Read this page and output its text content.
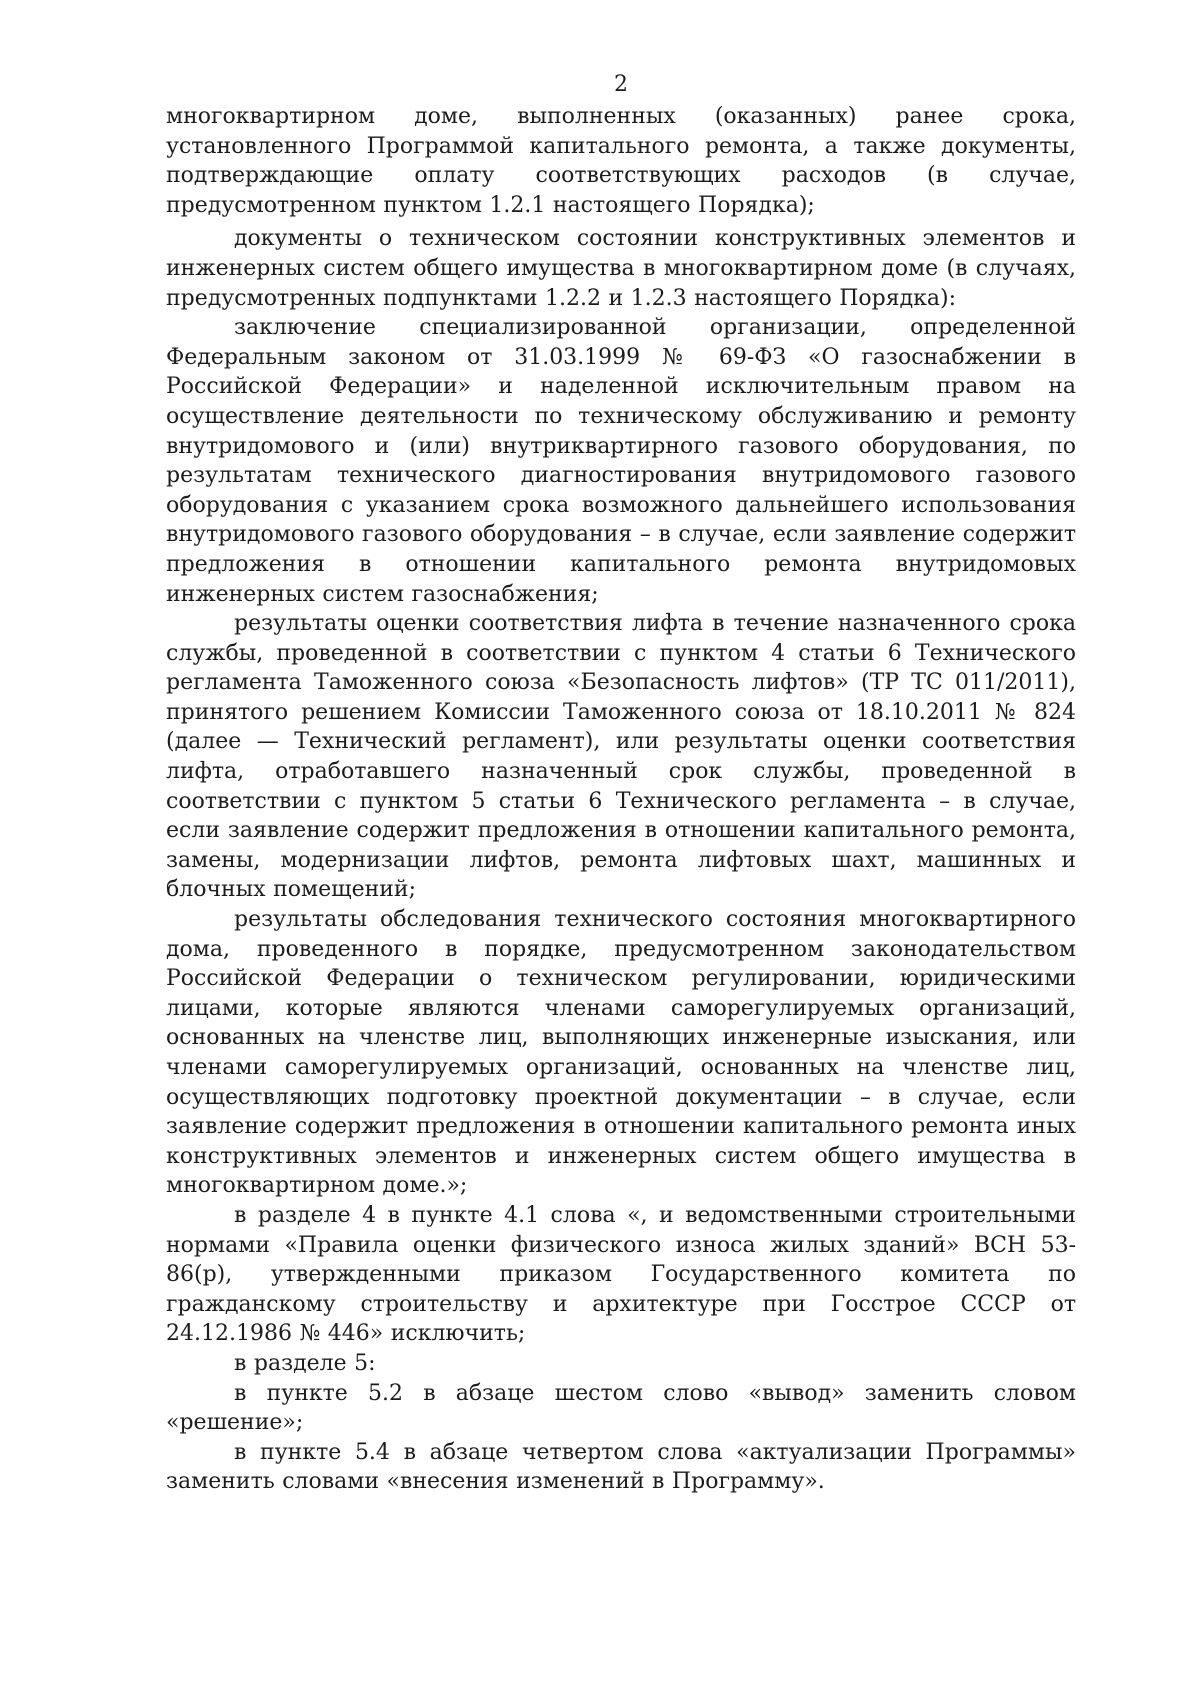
2

многоквартирном доме, выполненных (оказанных) ранее срока, установленного Программой капитального ремонта, а также документы, подтверждающие оплату соответствующих расходов (в случае, предусмотренном пунктом 1.2.1 настоящего Порядка);

документы о техническом состоянии конструктивных элементов и инженерных систем общего имущества в многоквартирном доме (в случаях, предусмотренных подпунктами 1.2.2 и 1.2.3 настоящего Порядка):

заключение специализированной организации, определенной Федеральным законом от 31.03.1999 № 69-ФЗ «О газоснабжении в Российской Федерации» и наделенной исключительным правом на осуществление деятельности по техническому обслуживанию и ремонту внутридомового и (или) внутриквартирного газового оборудования, по результатам технического диагностирования внутридомового газового оборудования с указанием срока возможного дальнейшего использования внутридомового газового оборудования – в случае, если заявление содержит предложения в отношении капитального ремонта внутридомовых инженерных систем газоснабжения;

результаты оценки соответствия лифта в течение назначенного срока службы, проведенной в соответствии с пунктом 4 статьи 6 Технического регламента Таможенного союза «Безопасность лифтов» (ТР ТС 011/2011), принятого решением Комиссии Таможенного союза от 18.10.2011 № 824 (далее — Технический регламент), или результаты оценки соответствия лифта, отработавшего назначенный срок службы, проведенной в соответствии с пунктом 5 статьи 6 Технического регламента – в случае, если заявление содержит предложения в отношении капитального ремонта, замены, модернизации лифтов, ремонта лифтовых шахт, машинных и блочных помещений;

результаты обследования технического состояния многоквартирного дома, проведенного в порядке, предусмотренном законодательством Российской Федерации о техническом регулировании, юридическими лицами, которые являются членами саморегулируемых организаций, основанных на членстве лиц, выполняющих инженерные изыскания, или членами саморегулируемых организаций, основанных на членстве лиц, осуществляющих подготовку проектной документации – в случае, если заявление содержит предложения в отношении капитального ремонта иных конструктивных элементов и инженерных систем общего имущества в многоквартирном доме.»;

в разделе 4 в пункте 4.1 слова «, и ведомственными строительными нормами «Правила оценки физического износа жилых зданий» ВСН 53-86(р), утвержденными приказом Государственного комитета по гражданскому строительству и архитектуре при Госстрое СССР от 24.12.1986 № 446» исключить;

в разделе 5:

в пункте 5.2 в абзаце шестом слово «вывод» заменить словом «решение»;

в пункте 5.4 в абзаце четвертом слова «актуализации Программы» заменить словами «внесения изменений в Программу».
